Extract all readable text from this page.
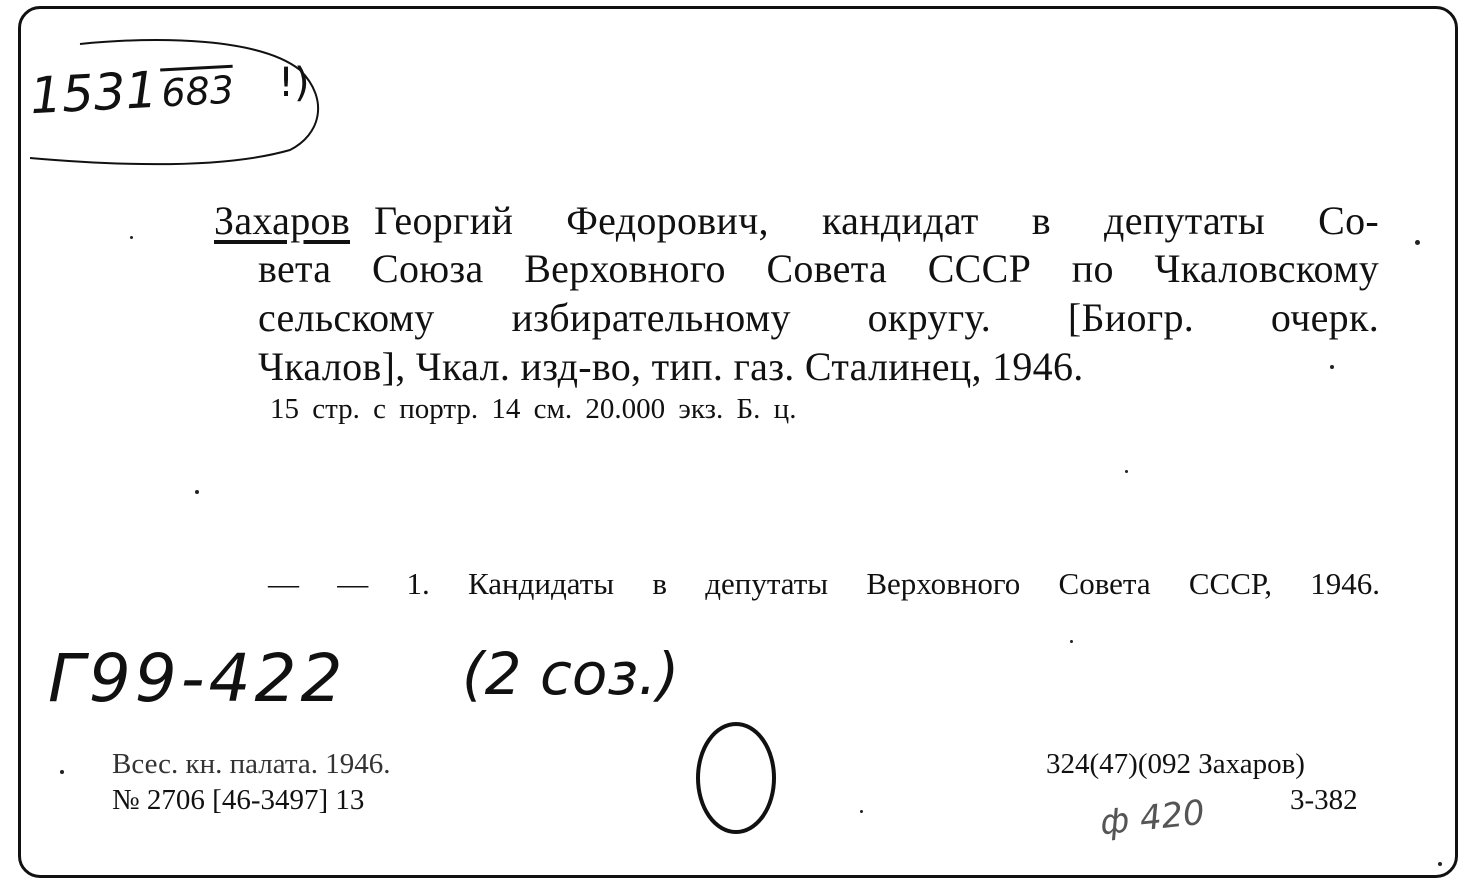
1531683 !)
Захаров Георгий Федорович, кандидат в депутаты Со-
вета Союза Верховного Совета СССР по Чкаловскому
сельскому избирательному округу. [Биогр. очерк.
Чкалов], Чкал. изд-во, тип. газ. Сталинец, 1946.
15 стр. с портр. 14 см. 20.000 экз. Б. ц.
— — 1. Кандидаты в депутаты Верховного Совета СССР, 1946.
Г99-422 (2 coз.)
Всес. кн. палата. 1946.
№ 2706 [46-3497] 13
324(47)(092 Захаров)
3-382
ф 420
